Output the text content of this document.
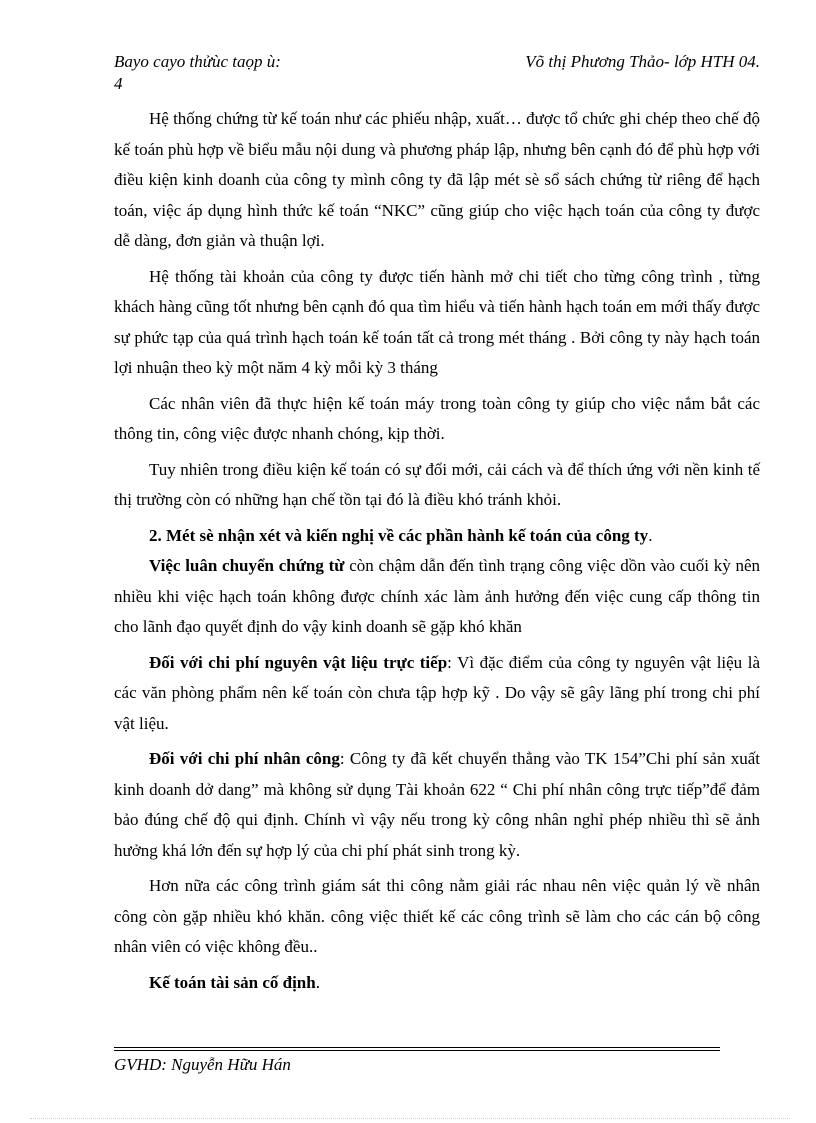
Bayo cayo thửùc taọp ù:	Võ thị Phương Thảo- lớp HTH 04.
4

Hệ thống chứng từ kế toán như các phiếu nhập, xuất… được tổ chức ghi chép theo chế độ kế toán phù hợp về biểu mẫu nội dung và phương pháp lập, nhưng bên cạnh đó để phù hợp với điều kiện kinh doanh của công ty mình công ty đã lập mét sè sổ sách chứng từ riêng để hạch toán, việc áp dụng hình thức kế toán “NKC” cũng giúp cho việc hạch toán của công ty được dễ dàng, đơn giản và thuận lợi.

Hệ thống tài khoản của công ty được tiến hành mở chi tiết cho từng công trình , từng khách hàng cũng tốt nhưng bên cạnh đó qua tìm hiểu và tiến hành hạch toán em mới thấy được sự phức tạp của quá trình hạch toán kế toán tất cả trong mét tháng . Bởi công ty này hạch toán lợi nhuận theo kỳ một năm 4 kỳ mỗi kỳ 3 tháng

Các nhân viên đã thực hiện kế toán máy trong toàn công ty giúp cho việc nắm bắt các thông tin, công việc được nhanh chóng, kịp thời.

Tuy nhiên trong điều kiện kế toán có sự đổi mới, cải cách và để thích ứng với nền kinh tế thị trường còn có những hạn chế tồn tại đó là điều khó tránh khỏi.

2. Mét sè nhận xét và kiến nghị về các phần hành kế toán của công ty.

Việc luân chuyển chứng từ còn chậm dẫn đến tình trạng công việc dồn vào cuối kỳ nên nhiều khi việc hạch toán không được chính xác làm ảnh hưởng đến việc cung cấp thông tin cho lãnh đạo quyết định do vậy kinh doanh sẽ gặp khó khăn

Đối với chi phí nguyên vật liệu trực tiếp: Vì đặc điểm của công ty nguyên vật liệu là các văn phòng phẩm nên kế toán còn chưa tập hợp kỹ . Do vậy sẽ gây lãng phí trong chi phí vật liệu.

Đối với chi phí nhân công: Công ty đã kết chuyển thẳng vào TK 154”Chi phí sản xuất kinh doanh dở dang” mà không sử dụng Tài khoản 622 “ Chi phí nhân công trực tiếp”để đảm bảo đúng chế độ qui định. Chính vì vậy nếu trong kỳ công nhân nghỉ phép nhiều thì sẽ ảnh hưởng khá lớn đến sự hợp lý của chi phí phát sinh trong kỳ.

Hơn nữa các công trình giám sát thi công nằm giải rác nhau nên việc quản lý về nhân công còn gặp nhiều khó khăn. công việc thiết kế các công trình sẽ làm cho các cán bộ công nhân viên có việc không đều..

Kế toán tài sản cố định.

GVHD: Nguyễn Hữu Hán
